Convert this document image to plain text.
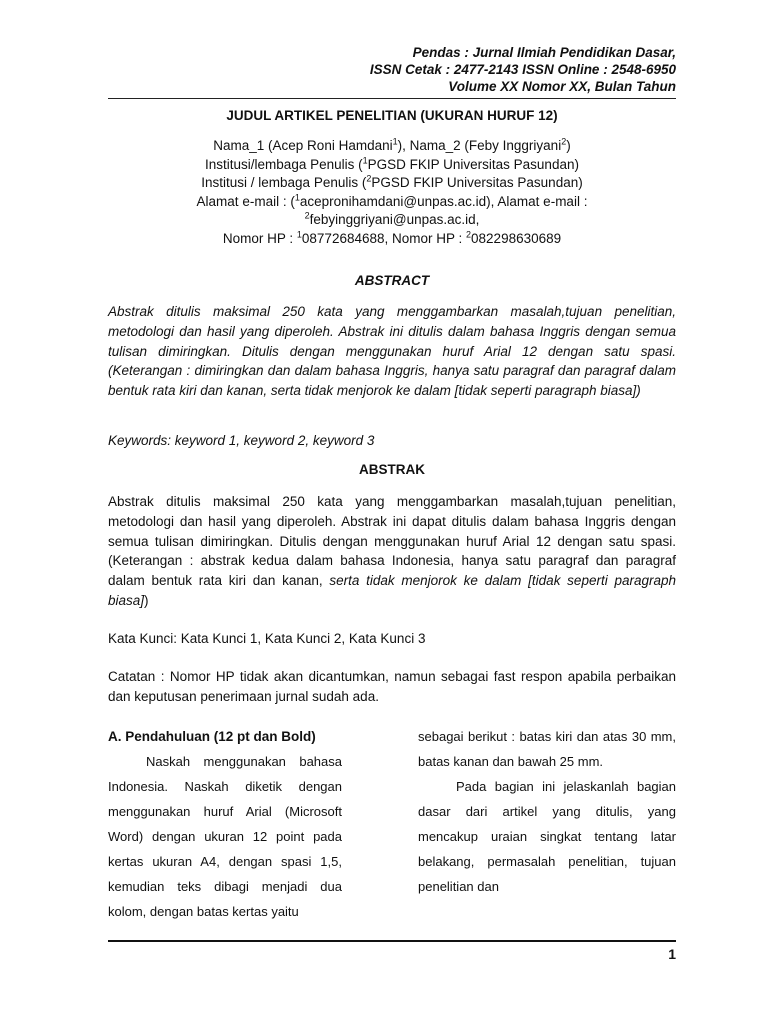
Pendas : Jurnal Ilmiah Pendidikan Dasar,
ISSN Cetak : 2477-2143 ISSN Online : 2548-6950
Volume XX Nomor XX, Bulan Tahun
JUDUL ARTIKEL PENELITIAN (UKURAN HURUF 12)
Nama_1 (Acep Roni Hamdani$^1$), Nama_2 (Feby Inggriyani$^2$)
Institusi/lembaga Penulis ($^1$PGSD FKIP Universitas Pasundan)
Institusi / lembaga Penulis ($^2$PGSD FKIP Universitas Pasundan)
Alamat e-mail : ($^1$acepronihamdani@unpas.ac.id), Alamat e-mail :
$^2$febyinggriyani@unpas.ac.id,
Nomor HP : $^1$08772684688, Nomor HP : $^2$082298630689
ABSTRACT
Abstrak ditulis maksimal 250 kata yang menggambarkan masalah,tujuan penelitian, metodologi dan hasil yang diperoleh. Abstrak ini ditulis dalam bahasa Inggris dengan semua tulisan dimiringkan. Ditulis dengan menggunakan huruf Arial 12 dengan satu spasi. (Keterangan : dimiringkan dan dalam bahasa Inggris, hanya satu paragraf dan paragraf dalam bentuk rata kiri dan kanan, serta tidak menjorok ke dalam [tidak seperti paragraph biasa])
Keywords: keyword 1, keyword 2, keyword 3
ABSTRAK
Abstrak ditulis maksimal 250 kata yang menggambarkan masalah,tujuan penelitian, metodologi dan hasil yang diperoleh. Abstrak ini dapat ditulis dalam bahasa Inggris dengan semua tulisan dimiringkan. Ditulis dengan menggunakan huruf Arial 12 dengan satu spasi. (Keterangan : abstrak kedua dalam bahasa Indonesia, hanya satu paragraf dan paragraf dalam bentuk rata kiri dan kanan, serta tidak menjorok ke dalam [tidak seperti paragraph biasa])
Kata Kunci: Kata Kunci 1, Kata Kunci 2, Kata Kunci 3
Catatan : Nomor HP tidak akan dicantumkan, namun sebagai fast respon apabila perbaikan dan keputusan penerimaan jurnal sudah ada.

A. Pendahuluan (12 pt dan Bold)

Naskah menggunakan bahasa Indonesia. Naskah diketik dengan menggunakan huruf Arial (Microsoft Word) dengan ukuran 12 point pada kertas ukuran A4, dengan spasi 1,5, kemudian teks dibagi menjadi dua kolom, dengan batas kertas yaitu

sebagai berikut : batas kiri dan atas 30 mm, batas kanan dan bawah 25 mm.

Pada bagian ini jelaskanlah bagian dasar dari artikel yang ditulis, yang mencakup uraian singkat tentang latar belakang, permasalah penelitian, tujuan penelitian dan

1
